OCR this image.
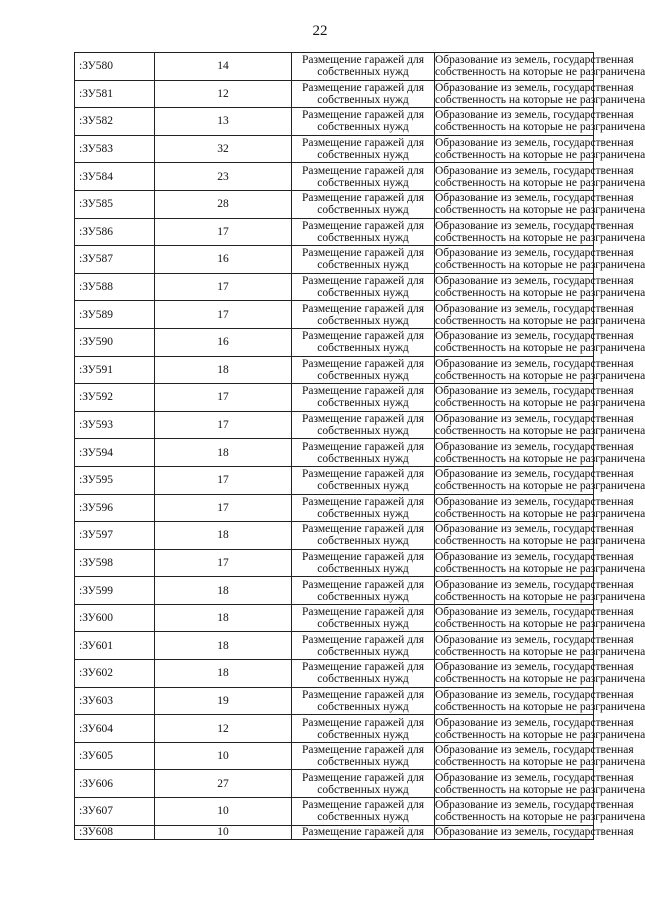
22
:ЗУ580	14	Размещение гаражей для
собственных нужд	Образование из земель, государственная
собственность на которые не разграничена

:ЗУ581	12	Размещение гаражей для
собственных нужд	Образование из земель, государственная
собственность на которые не разграничена

:ЗУ582	13	Размещение гаражей для
собственных нужд	Образование из земель, государственная
собственность на которые не разграничена

:ЗУ583	32	Размещение гаражей для
собственных нужд	Образование из земель, государственная
собственность на которые не разграничена

:ЗУ584	23	Размещение гаражей для
собственных нужд	Образование из земель, государственная
собственность на которые не разграничена

:ЗУ585	28	Размещение гаражей для
собственных нужд	Образование из земель, государственная
собственность на которые не разграничена

:ЗУ586	17	Размещение гаражей для
собственных нужд	Образование из земель, государственная
собственность на которые не разграничена

:ЗУ587	16	Размещение гаражей для
собственных нужд	Образование из земель, государственная
собственность на которые не разграничена

:ЗУ588	17	Размещение гаражей для
собственных нужд	Образование из земель, государственная
собственность на которые не разграничена

:ЗУ589	17	Размещение гаражей для
собственных нужд	Образование из земель, государственная
собственность на которые не разграничена

:ЗУ590	16	Размещение гаражей для
собственных нужд	Образование из земель, государственная
собственность на которые не разграничена

:ЗУ591	18	Размещение гаражей для
собственных нужд	Образование из земель, государственная
собственность на которые не разграничена

:ЗУ592	17	Размещение гаражей для
собственных нужд	Образование из земель, государственная
собственность на которые не разграничена

:ЗУ593	17	Размещение гаражей для
собственных нужд	Образование из земель, государственная
собственность на которые не разграничена

:ЗУ594	18	Размещение гаражей для
собственных нужд	Образование из земель, государственная
собственность на которые не разграничена

:ЗУ595	17	Размещение гаражей для
собственных нужд	Образование из земель, государственная
собственность на которые не разграничена

:ЗУ596	17	Размещение гаражей для
собственных нужд	Образование из земель, государственная
собственность на которые не разграничена

:ЗУ597	18	Размещение гаражей для
собственных нужд	Образование из земель, государственная
собственность на которые не разграничена

:ЗУ598	17	Размещение гаражей для
собственных нужд	Образование из земель, государственная
собственность на которые не разграничена

:ЗУ599	18	Размещение гаражей для
собственных нужд	Образование из земель, государственная
собственность на которые не разграничена

:ЗУ600	18	Размещение гаражей для
собственных нужд	Образование из земель, государственная
собственность на которые не разграничена

:ЗУ601	18	Размещение гаражей для
собственных нужд	Образование из земель, государственная
собственность на которые не разграничена

:ЗУ602	18	Размещение гаражей для
собственных нужд	Образование из земель, государственная
собственность на которые не разграничена

:ЗУ603	19	Размещение гаражей для
собственных нужд	Образование из земель, государственная
собственность на которые не разграничена

:ЗУ604	12	Размещение гаражей для
собственных нужд	Образование из земель, государственная
собственность на которые не разграничена

:ЗУ605	10	Размещение гаражей для
собственных нужд	Образование из земель, государственная
собственность на которые не разграничена

:ЗУ606	27	Размещение гаражей для
собственных нужд	Образование из земель, государственная
собственность на которые не разграничена

:ЗУ607	10	Размещение гаражей для
собственных нужд	Образование из земель, государственная
собственность на которые не разграничена

:ЗУ608	10	Размещение гаражей для	Образование из земель, государственная
